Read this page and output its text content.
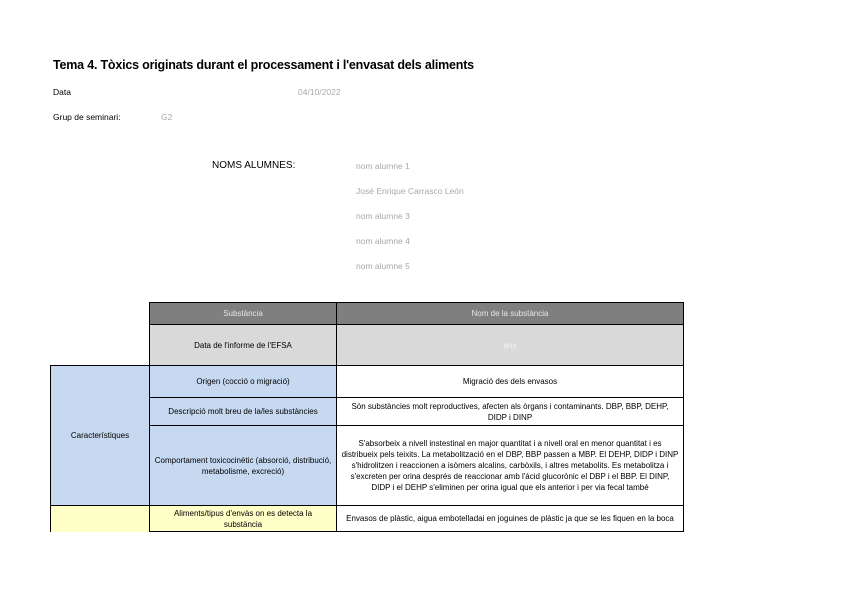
Tema 4. Tòxics originats durant el processament i l'envasat dels aliments
Data	04/10/2022
Grup de seminari:	G2
NOMS ALUMNES:	nom alumne 1
José Enrique Carrasco León
nom alumne 3
nom alumne 4
nom alumne 5
	Substància	Nom de la substància
	Data de l'informe de l'EFSA	any
Característiques	Origen (cocció o migració)	Migració des dels envasos
	Descripció molt breu de la/les substàncies	Són substàncies molt reproductives, afecten als òrgans i contaminants. DBP, BBP, DEHP, DIDP i DINP
	Comportament toxicocinètic (absorció, distribució, metabolisme, excreció)	S'absorbeix a nivell instestinal en major quantitat i a nivell oral en menor quantitat i es distribueix pels teixits. La metabolització en el DBP, BBP passen a MBP. El DEHP, DIDP i DINP s'hidrolitzen i reaccionen a isòmers alcalins, carbòxils, i altres metabolits. Es metabolitza i s'excreten per orina després de reaccionar amb l'àcid glucorònic el DBP i el BBP. El DINP, DIDP i el DEHP s'eliminen per orina igual que els anterior i per via fecal també
	Aliments/tipus d'envàs on es detecta la substància	Envasos de plàstic, aigua embotelladai en joguines de plàstic ja que se les fiquen en la boca
